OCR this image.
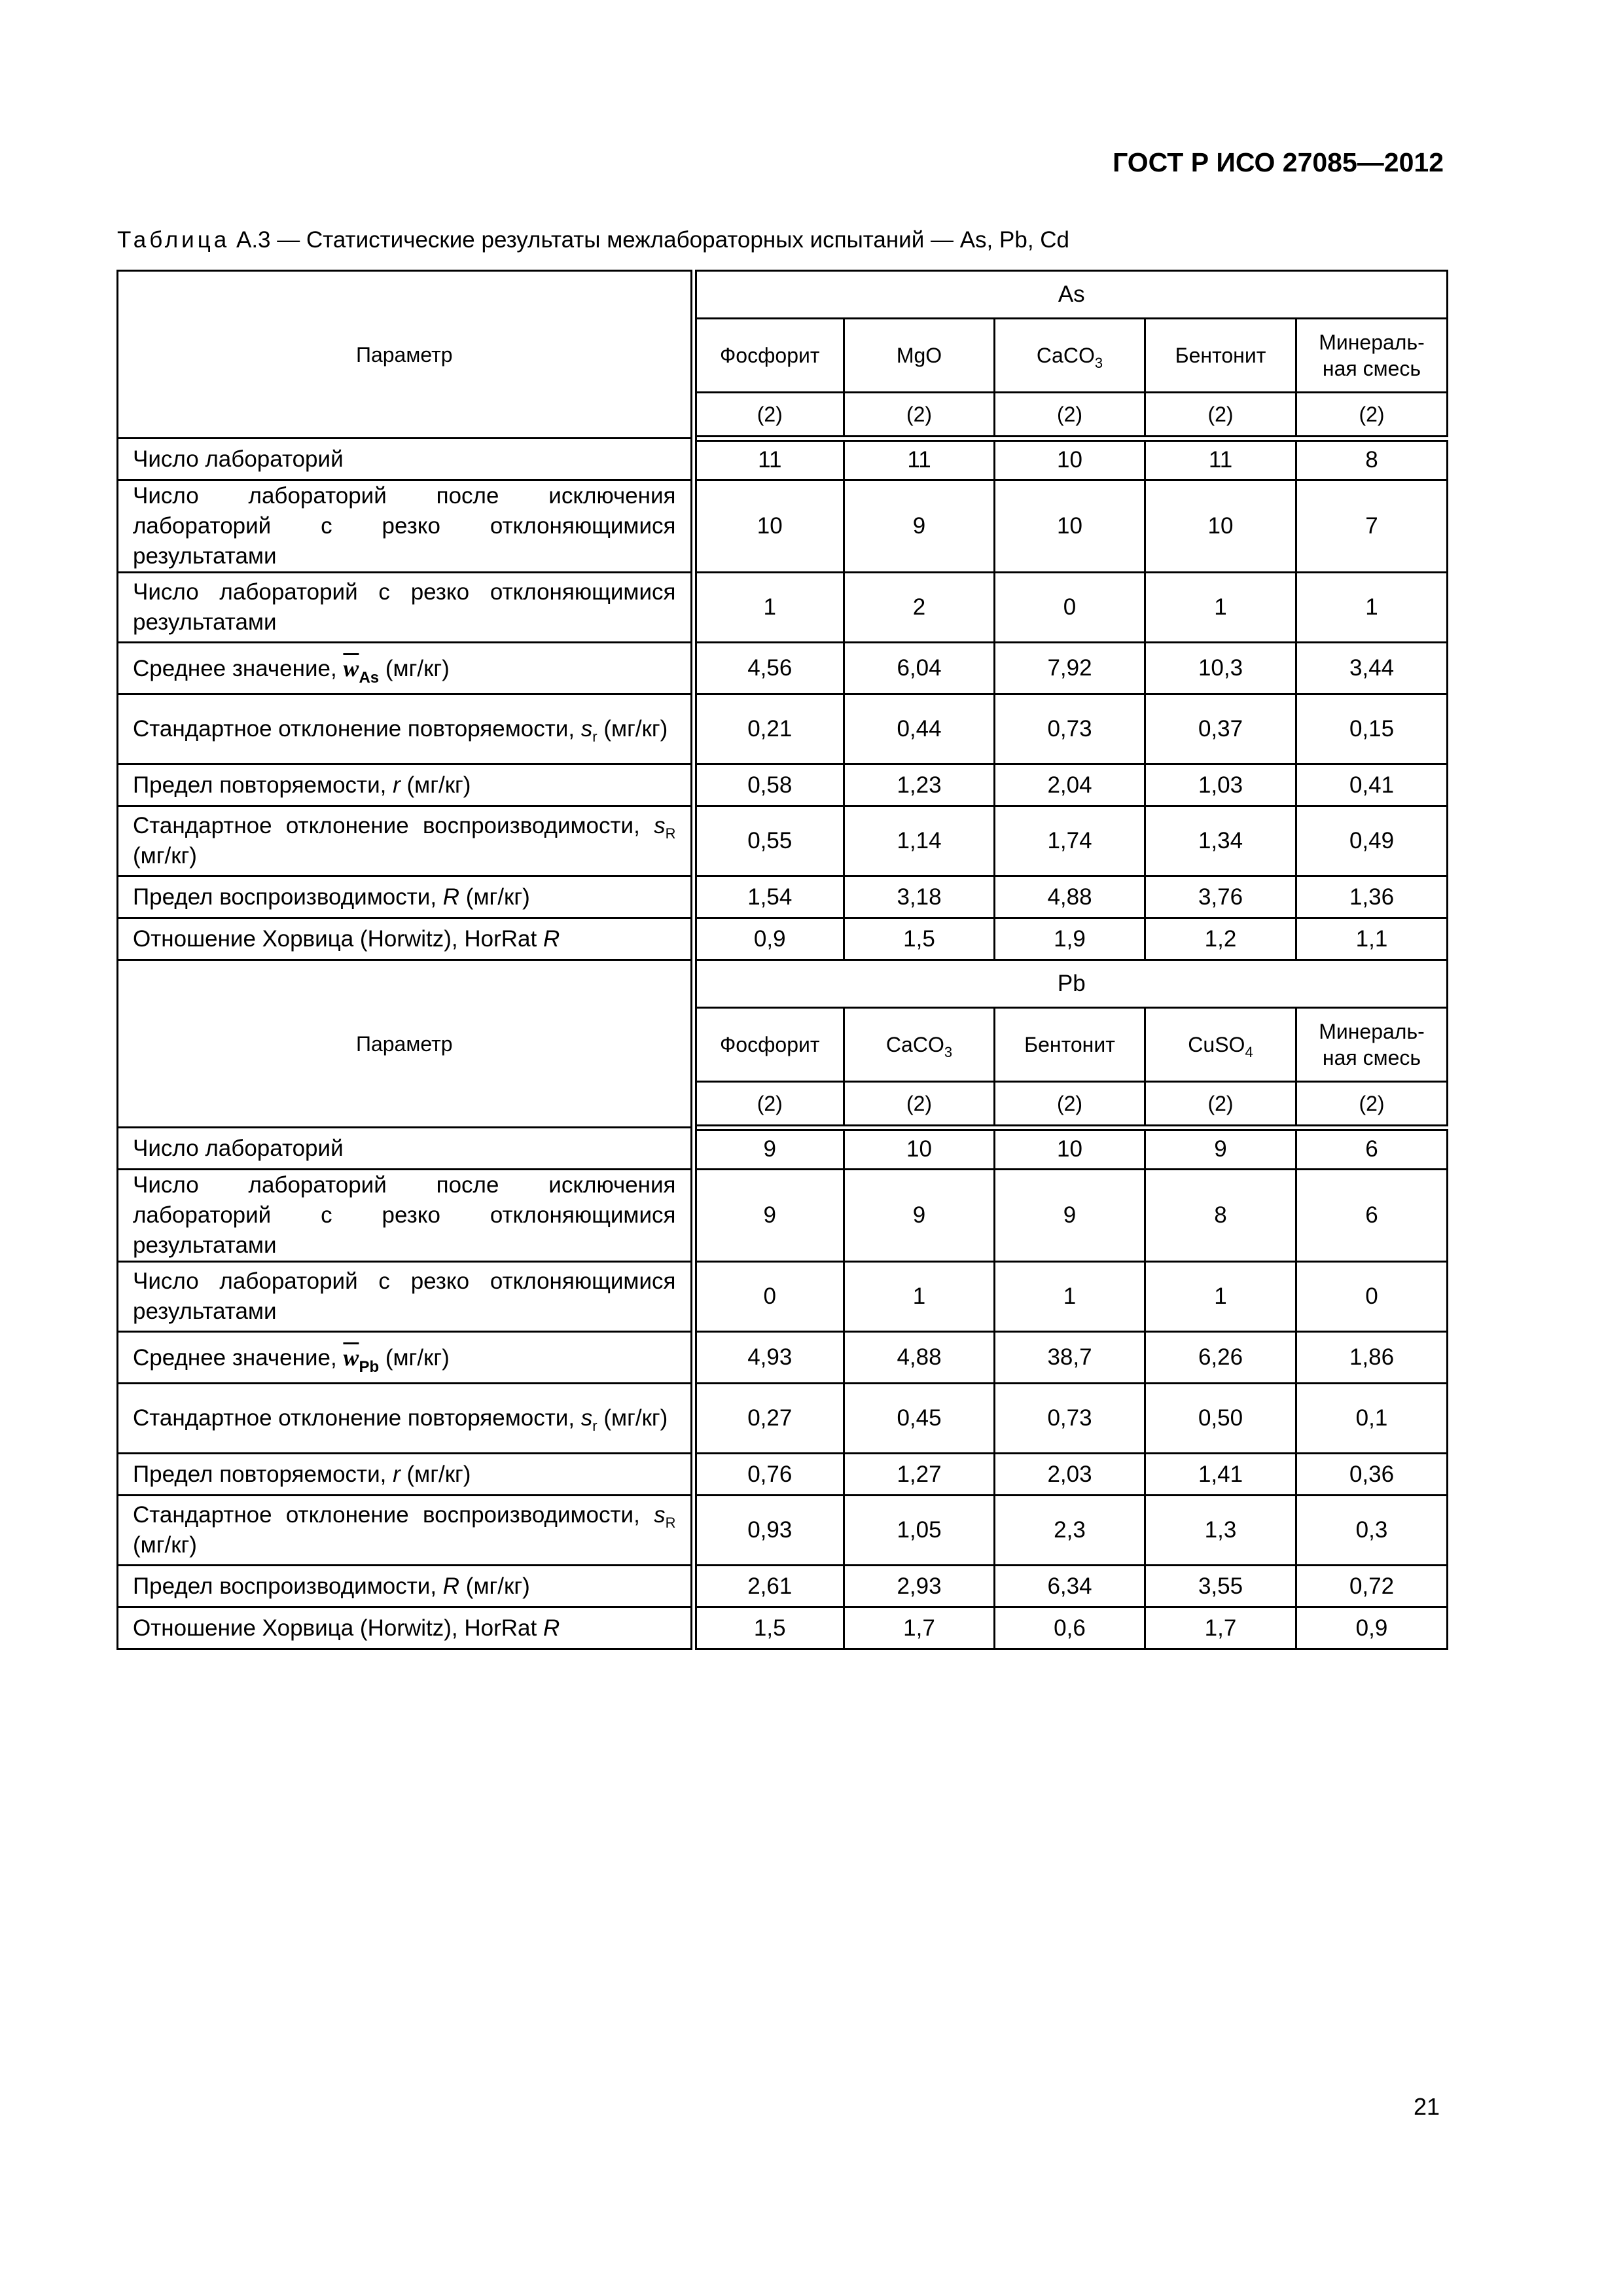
ГОСТ Р ИСО 27085—2012
Таблица А.3 — Статистические результаты межлабораторных испытаний — As, Pb, Cd
Параметр	As				
	Фосфорит	MgO	CaCO$_3$	Бентонит	Минераль-
ная смесь
	(2)	(2)	(2)	(2)	(2)
Число лабораторий	11	11	10	11	8
Число лабораторий после исключения лабораторий с резко отклоняющимися результатами	10	9	10	10	7
Число лабораторий с резко отклоняющимися результатами	1	2	0	1	1
Среднее значение, $\overline{w}_{As}$ (мг/кг)	4,56	6,04	7,92	10,3	3,44
Стандартное отклонение повторяемости, $s_r$ (мг/кг)	0,21	0,44	0,73	0,37	0,15
Предел повторяемости, r (мг/кг)	0,58	1,23	2,04	1,03	0,41
Стандартное отклонение воспроизводимости, $s_R$ (мг/кг)	0,55	1,14	1,74	1,34	0,49
Предел воспроизводимости, R (мг/кг)	1,54	3,18	4,88	3,76	1,36
Отношение Хорвица (Horwitz), HorRat R	0,9	1,5	1,9	1,2	1,1
Параметр	Pb				
	Фосфорит	CaCO$_3$	Бентонит	CuSO$_4$	Минераль-
ная смесь
	(2)	(2)	(2)	(2)	(2)
Число лабораторий	9	10	10	9	6
Число лабораторий после исключения лабораторий с резко отклоняющимися результатами	9	9	9	8	6
Число лабораторий с резко отклоняющимися результатами	0	1	1	1	0
Среднее значение, $\overline{w}_{Pb}$ (мг/кг)	4,93	4,88	38,7	6,26	1,86
Стандартное отклонение повторяемости, $s_r$ (мг/кг)	0,27	0,45	0,73	0,50	0,1
Предел повторяемости, r (мг/кг)	0,76	1,27	2,03	1,41	0,36
Стандартное отклонение воспроизводимости, $s_R$ (мг/кг)	0,93	1,05	2,3	1,3	0,3
Предел воспроизводимости, R (мг/кг)	2,61	2,93	6,34	3,55	0,72
Отношение Хорвица (Horwitz), HorRat R	1,5	1,7	0,6	1,7	0,9
21
